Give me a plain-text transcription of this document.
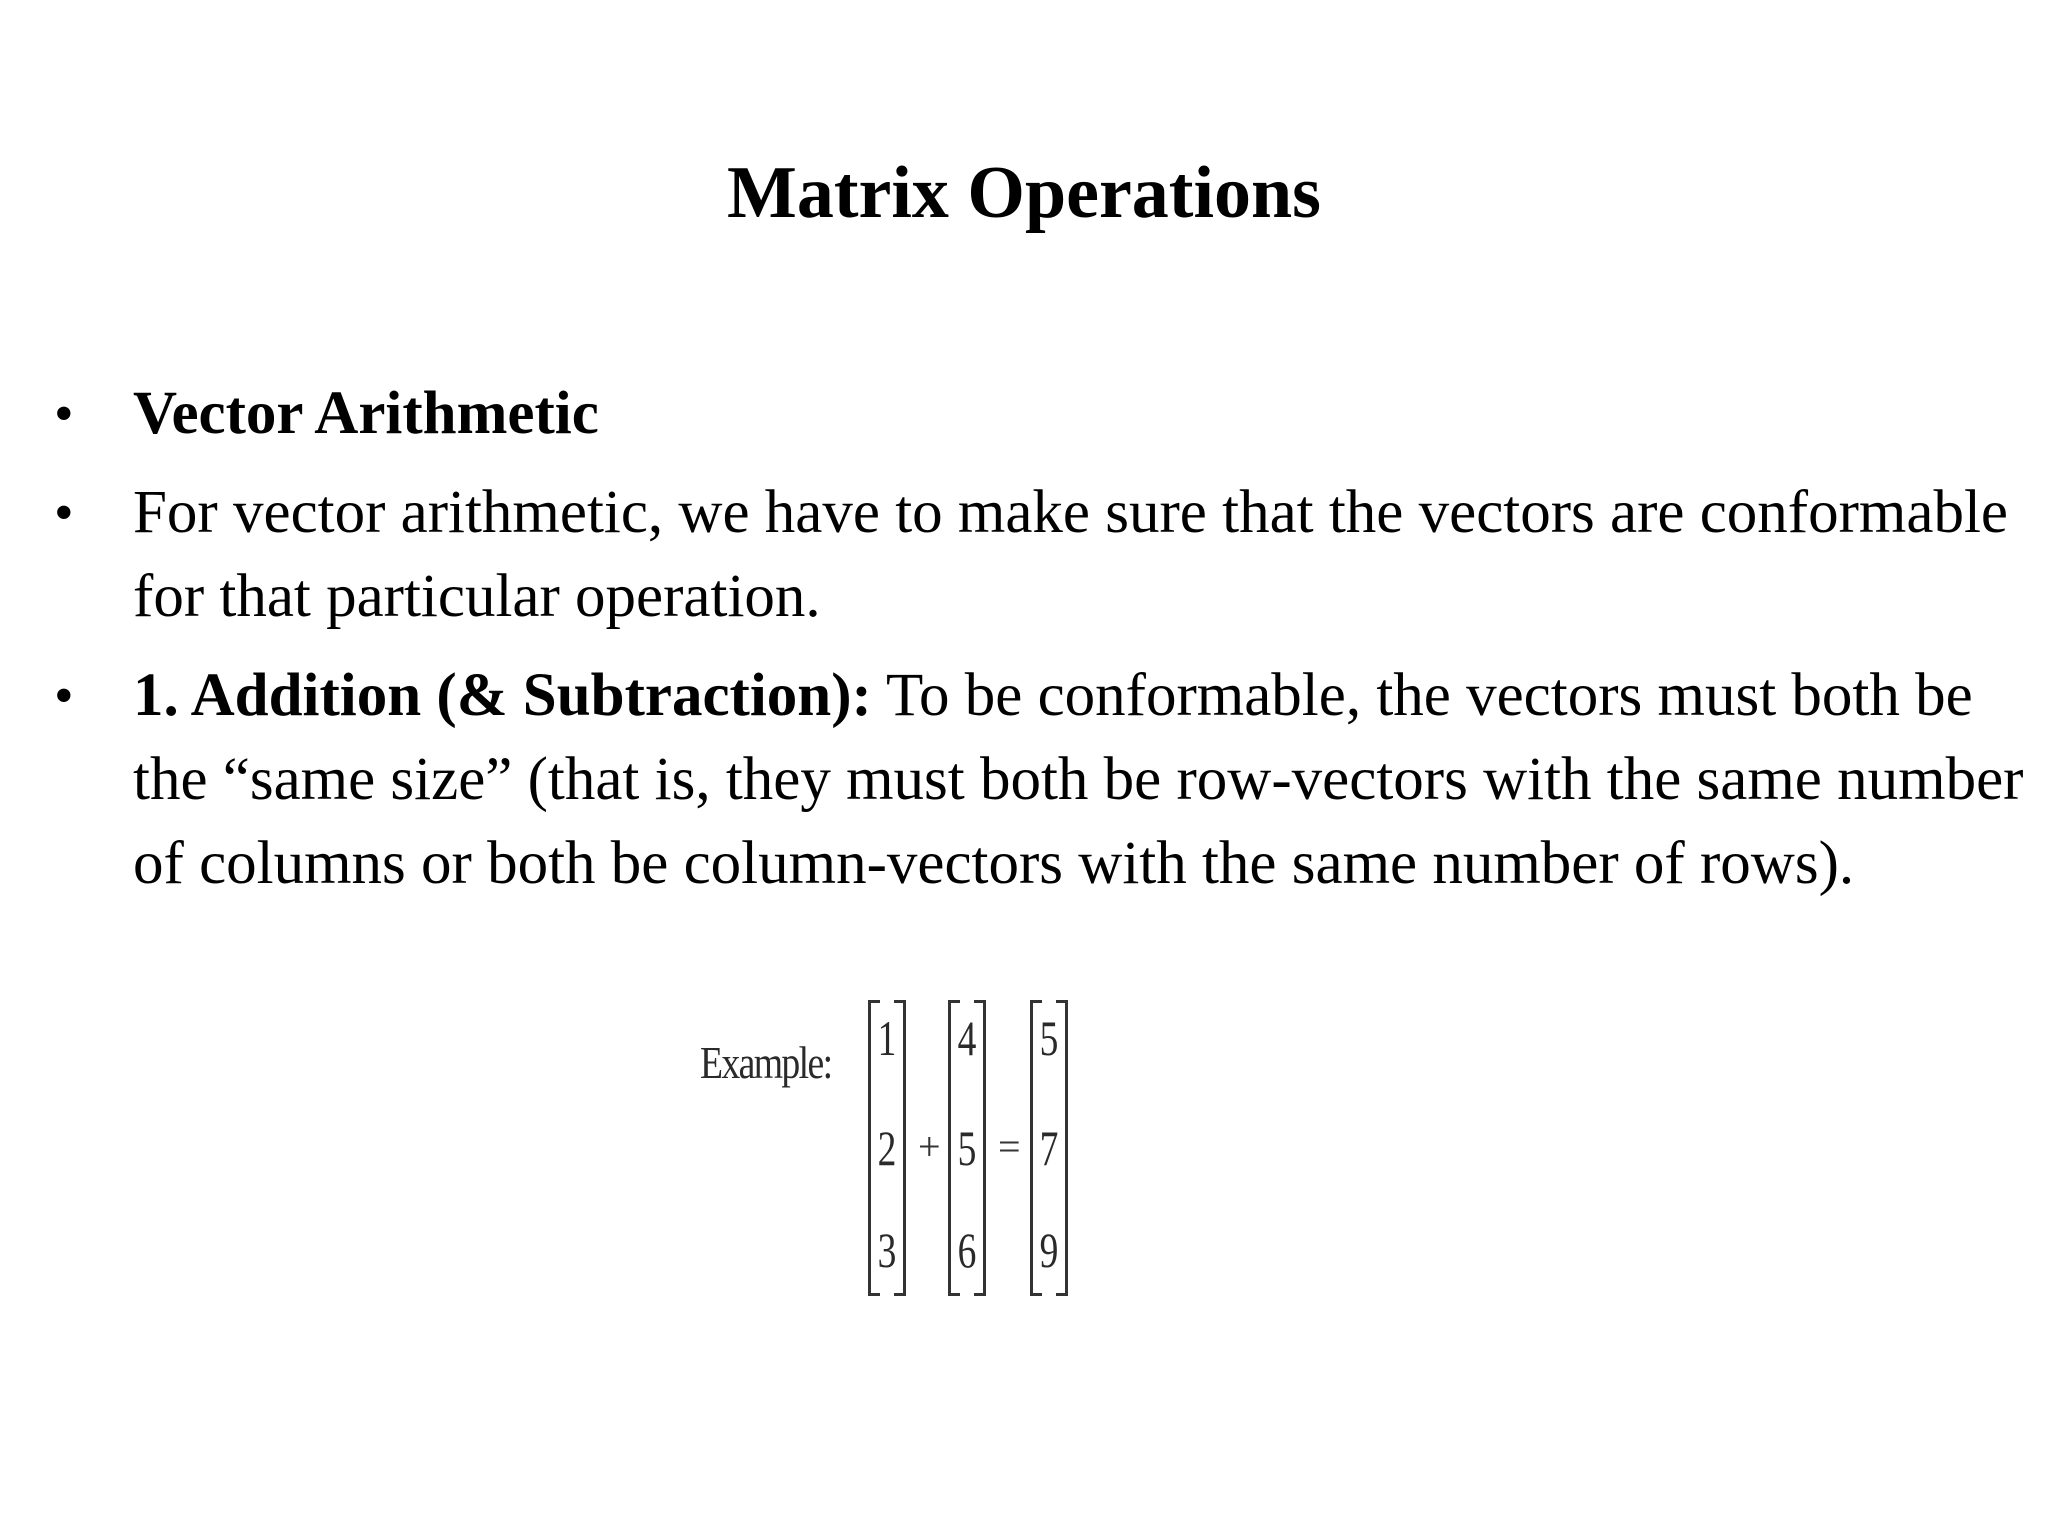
Matrix Operations
• Vector Arithmetic
• For vector arithmetic, we have to make sure that the vectors are conformable for that particular operation.
• 1. Addition (& Subtraction): To be conformable, the vectors must both be the “same size” (that is, they must both be row-vectors with the same number of columns or both be column-vectors with the same number of rows).
Example: 1
2
3
+
4
5
6
=
5
7
9
